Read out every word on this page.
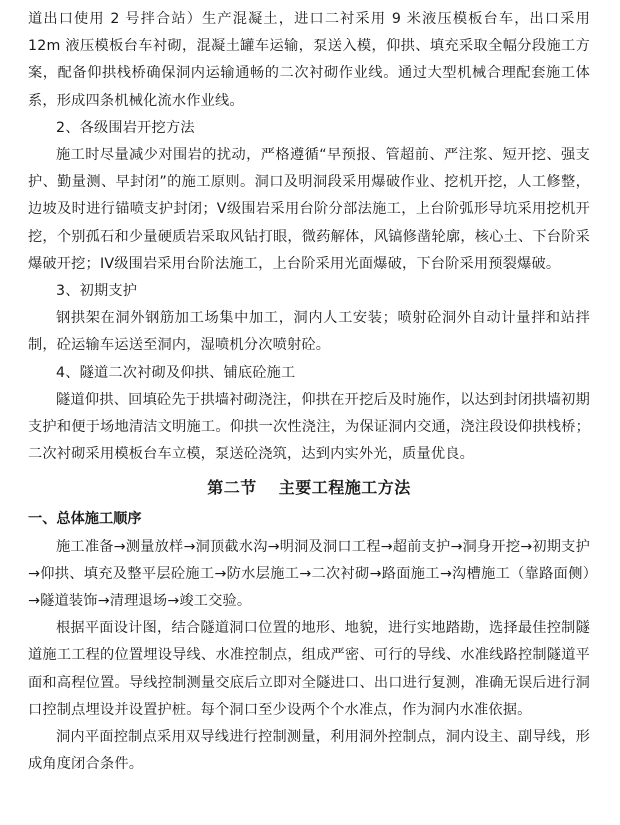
道出口使用 2 号拌合站）生产混凝土，进口二衬采用 9 米液压模板台车，出口采用 12m 液压模板台车衬砌，混凝土罐车运输，泵送入模，仰拱、填充采取全幅分段施工方案，配备仰拱栈桥确保洞内运输通畅的二次衬砌作业线。通过大型机械合理配套施工体系，形成四条机械化流水作业线。

2、各级围岩开挖方法

施工时尽量减少对围岩的扰动，严格遵循“早预报、管超前、严注浆、短开挖、强支护、勤量测、早封闭”的施工原则。洞口及明洞段采用爆破作业、挖机开挖，人工修整，边坡及时进行锚喷支护封闭；V级围岩采用台阶分部法施工，上台阶弧形导坑采用挖机开挖，个别孤石和少量硬质岩采取风钻打眼，微药解体，风镐修凿轮廓，核心土、下台阶采爆破开挖；IV级围岩采用台阶法施工，上台阶采用光面爆破，下台阶采用预裂爆破。

3、初期支护

钢拱架在洞外钢筋加工场集中加工，洞内人工安装；喷射砼洞外自动计量拌和站拌制，砼运输车运送至洞内，湿喷机分次喷射砼。

4、隧道二次衬砌及仰拱、铺底砼施工

隧道仰拱、回填砼先于拱墙衬砌浇注，仰拱在开挖后及时施作，以达到封闭拱墙初期支护和便于场地清洁文明施工。仰拱一次性浇注，为保证洞内交通，浇注段设仰拱栈桥；二次衬砌采用模板台车立模，泵送砼浇筑，达到内实外光，质量优良。

第二节 主要工程施工方法
一、总体施工顺序

施工准备→测量放样→洞顶截水沟→明洞及洞口工程→超前支护→洞身开挖→初期支护→仰拱、填充及整平层砼施工→防水层施工→二次衬砌→路面施工→沟槽施工（靠路面侧）→隧道装饰→清理退场→竣工交验。

根据平面设计图，结合隧道洞口位置的地形、地貌，进行实地踏勘，选择最佳控制隧道施工工程的位置埋设导线、水准控制点，组成严密、可行的导线、水准线路控制隧道平面和高程位置。导线控制测量交底后立即对全隧进口、出口进行复测，准确无误后进行洞口控制点埋设并设置护桩。每个洞口至少设两个个水准点，作为洞内水准依据。

洞内平面控制点采用双导线进行控制测量，利用洞外控制点，洞内设主、副导线，形成角度闭合条件。
